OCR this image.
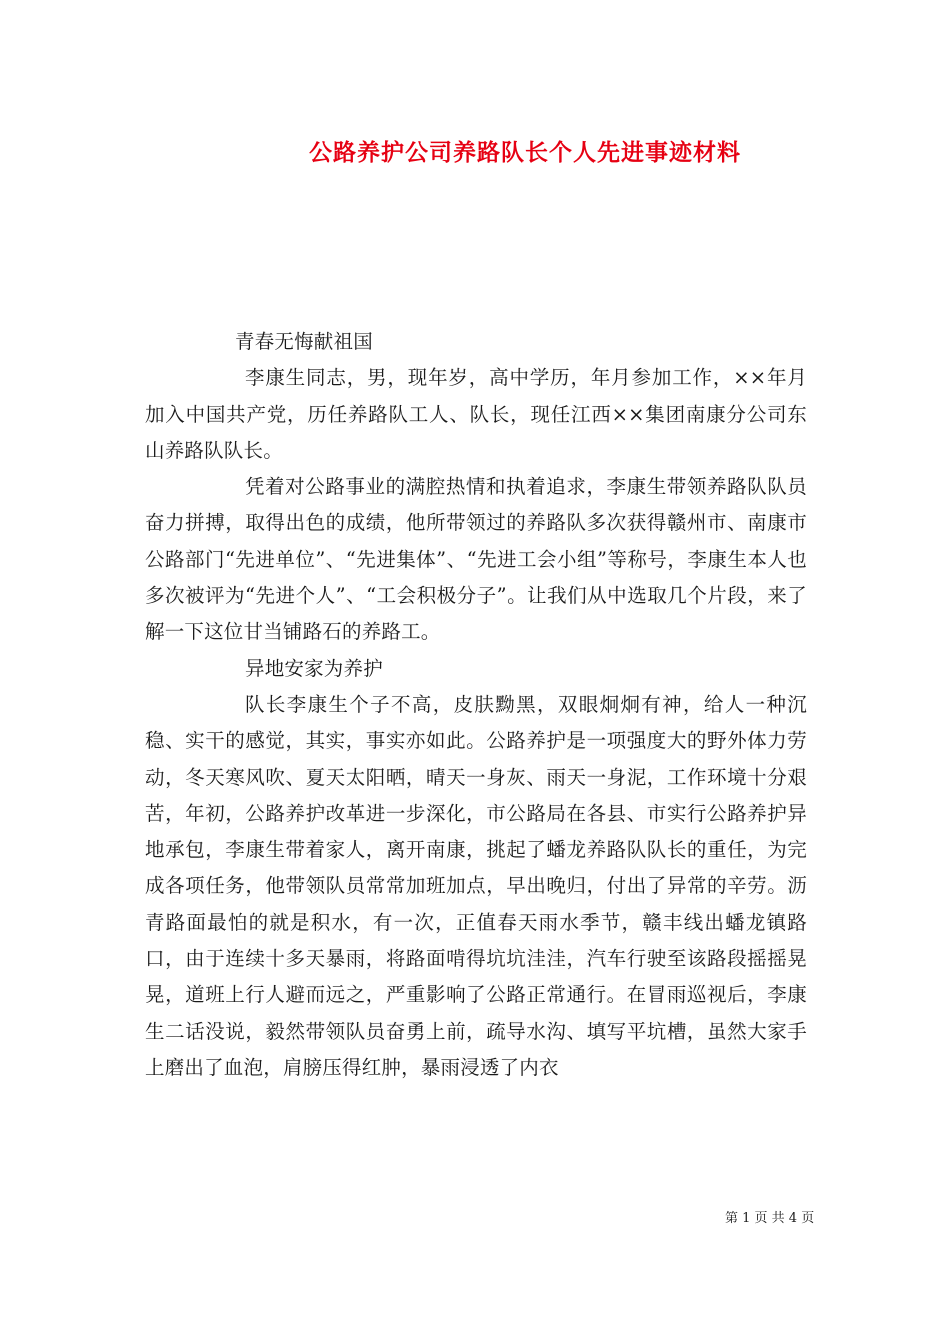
公路养护公司养路队长个人先进事迹材料

青春无悔献祖国

李康生同志，男，现年岁，高中学历，年月参加工作，××年月加入中国共产党，历任养路队工人、队长，现任江西××集团南康分公司东山养路队队长。

凭着对公路事业的满腔热情和执着追求，李康生带领养路队队员奋力拼搏，取得出色的成绩，他所带领过的养路队多次获得赣州市、南康市公路部门“先进单位”、“先进集体”、“先进工会小组”等称号，李康生本人也多次被评为“先进个人”、“工会积极分子”。让我们从中选取几个片段，来了解一下这位甘当铺路石的养路工。

异地安家为养护

队长李康生个子不高，皮肤黝黑，双眼炯炯有神，给人一种沉稳、实干的感觉，其实，事实亦如此。公路养护是一项强度大的野外体力劳动，冬天寒风吹、夏天太阳晒，晴天一身灰、雨天一身泥，工作环境十分艰苦，年初，公路养护改革进一步深化，市公路局在各县、市实行公路养护异地承包，李康生带着家人，离开南康，挑起了蟠龙养路队队长的重任，为完成各项任务，他带领队员常常加班加点，早出晚归，付出了异常的辛劳。沥青路面最怕的就是积水，有一次，正值春天雨水季节，赣丰线出蟠龙镇路口，由于连续十多天暴雨，将路面啃得坑坑洼洼，汽车行驶至该路段摇摇晃晃，道班上行人避而远之，严重影响了公路正常通行。在冒雨巡视后，李康生二话没说，毅然带领队员奋勇上前，疏导水沟、填写平坑槽，虽然大家手上磨出了血泡，肩膀压得红肿，暴雨浸透了内衣

第 1 页 共 4 页
